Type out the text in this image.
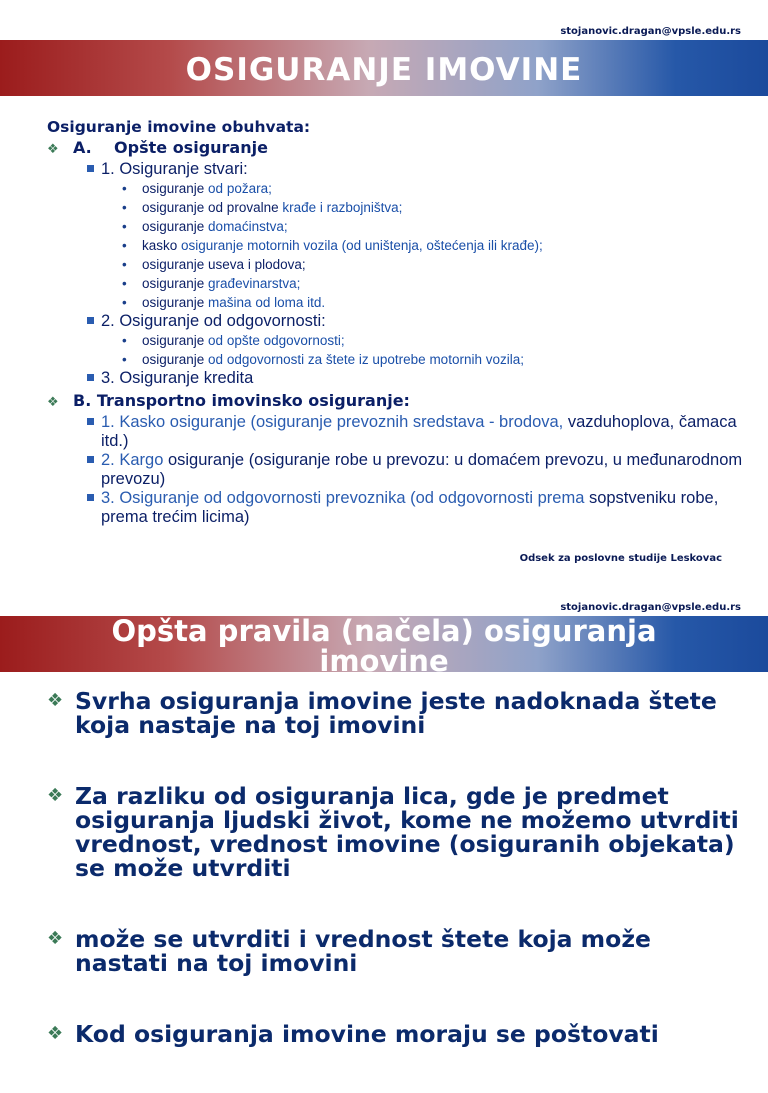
stojanovic.dragan@vpsle.edu.rs
OSIGURANJE IMOVINE

Osiguranje imovine obuhvata:

❖ A.    Opšte osiguranje
1. Osiguranje stvari:
•	osiguranje od požara;
•	osiguranje od provalne krađe i razbojništva;
•	osiguranje domaćinstva;
•	kasko osiguranje motornih vozila (od uništenja, oštećenja ili krađe);
•	osiguranje useva i plodova;
•	osiguranje građevinarstva;
•	osiguranje mašina od loma itd.
2. Osiguranje od odgovornosti:
•	osiguranje od opšte odgovornosti;
•	osiguranje od odgovornosti za štete iz upotrebe motornih vozila;
3. Osiguranje kredita
❖ B. Transportno imovinsko osiguranje:
1. Kasko osiguranje (osiguranje prevoznih sredstava - brodova, vazduhoplova, čamaca itd.)
2. Kargo osiguranje (osiguranje robe u prevozu: u domaćem prevozu, u međunarodnom prevozu)
3. Osiguranje od odgovornosti prevoznika (od odgovornosti prema sopstveniku robe, prema trećim licima)
Odsek za poslovne studije Leskovac
stojanovic.dragan@vpsle.edu.rs
Opšta pravila (načela) osiguranja imovine
❖ Svrha osiguranja imovine jeste nadoknada štete koja nastaje na toj imovini
❖ Za razliku od osiguranja lica, gde je predmet osiguranja ljudski život, kome ne možemo utvrditi vrednost, vrednost imovine (osiguranih objekata) se može utvrditi
❖ može se utvrditi i vrednost štete koja može nastati na toj imovini
❖ Kod osiguranja imovine moraju se poštovati
